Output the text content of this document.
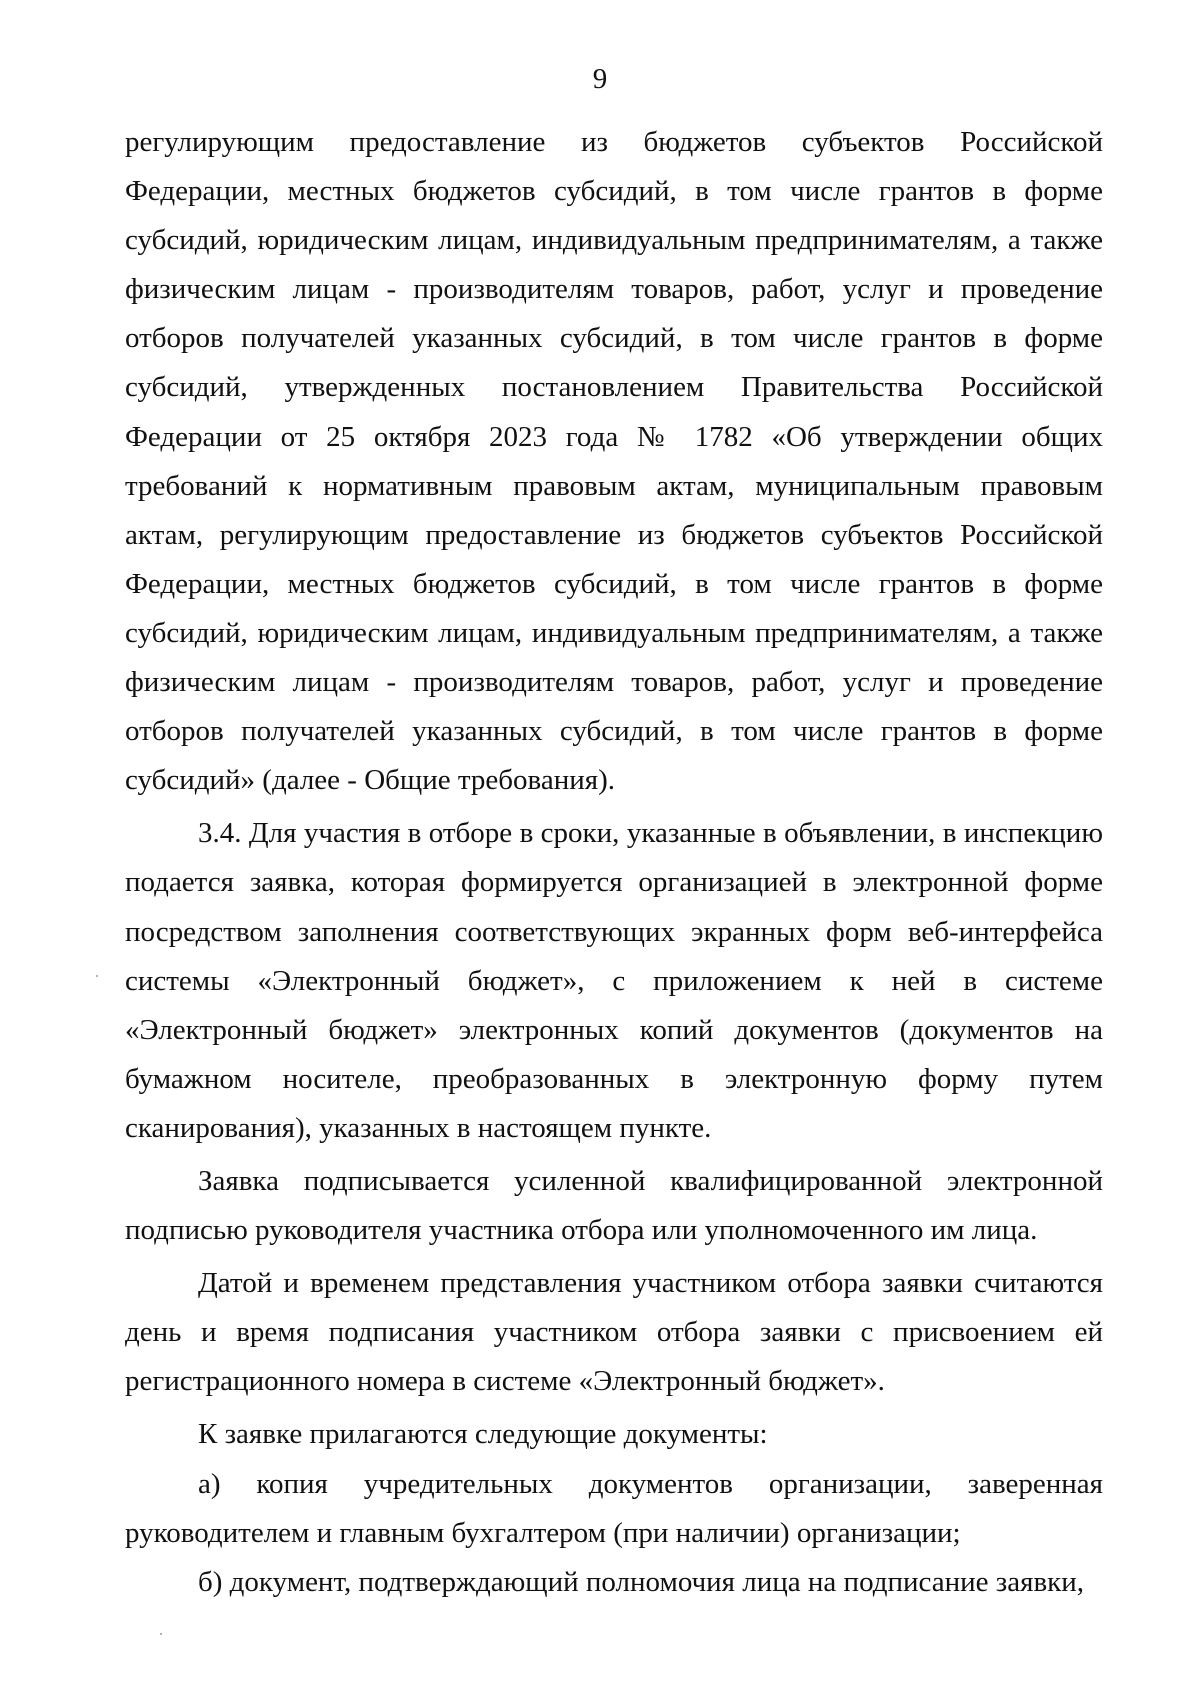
9

регулирующим предоставление из бюджетов субъектов Российской Федерации, местных бюджетов субсидий, в том числе грантов в форме субсидий, юридическим лицам, индивидуальным предпринимателям, а также физическим лицам - производителям товаров, работ, услуг и проведение отборов получателей указанных субсидий, в том числе грантов в форме субсидий, утвержденных постановлением Правительства Российской Федерации от 25 октября 2023 года № 1782 «Об утверждении общих требований к нормативным правовым актам, муниципальным правовым актам, регулирующим предоставление из бюджетов субъектов Российской Федерации, местных бюджетов субсидий, в том числе грантов в форме субсидий, юридическим лицам, индивидуальным предпринимателям, а также физическим лицам - производителям товаров, работ, услуг и проведение отборов получателей указанных субсидий, в том числе грантов в форме субсидий» (далее - Общие требования).

3.4. Для участия в отборе в сроки, указанные в объявлении, в инспекцию подается заявка, которая формируется организацией в электронной форме посредством заполнения соответствующих экранных форм веб-интерфейса системы «Электронный бюджет», с приложением к ней в системе «Электронный бюджет» электронных копий документов (документов на бумажном носителе, преобразованных в электронную форму путем сканирования), указанных в настоящем пункте.

Заявка подписывается усиленной квалифицированной электронной подписью руководителя участника отбора или уполномоченного им лица.

Датой и временем представления участником отбора заявки считаются день и время подписания участником отбора заявки с присвоением ей регистрационного номера в системе «Электронный бюджет».

К заявке прилагаются следующие документы:

а) копия учредительных документов организации, заверенная руководителем и главным бухгалтером (при наличии) организации;

б) документ, подтверждающий полномочия лица на подписание заявки,
